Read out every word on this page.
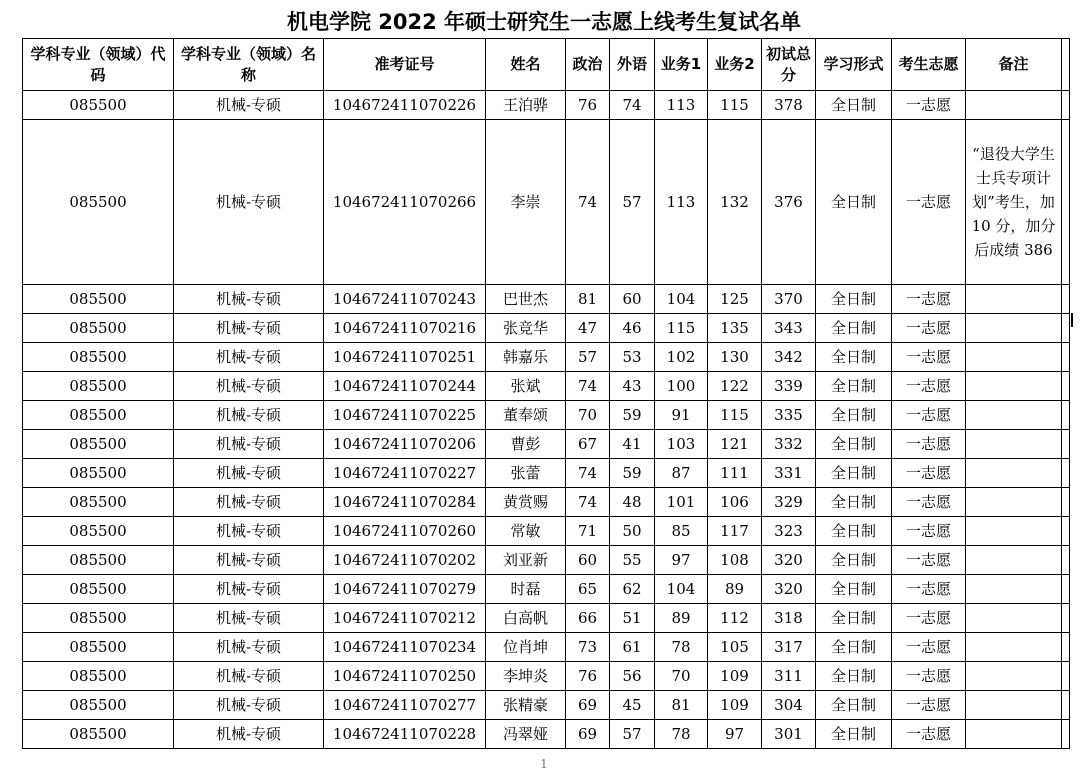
机电学院 2022 年硕士研究生一志愿上线考生复试名单
学科专业（领域）代码	学科专业（领域）名称	准考证号	姓名	政治	外语	业务1	业务2	初试总分	学习形式	考生志愿	备注	
085500	机械-专硕	104672411070226	王泊骅	76	74	113	115	378	全日制	一志愿		
085500	机械-专硕	104672411070266	李崇	74	57	113	132	376	全日制	一志愿	“退役大学生士兵专项计划”考生，加 10 分，加分后成绩 386	
085500	机械-专硕	104672411070243	巴世杰	81	60	104	125	370	全日制	一志愿		
085500	机械-专硕	104672411070216	张竞华	47	46	115	135	343	全日制	一志愿		
085500	机械-专硕	104672411070251	韩嘉乐	57	53	102	130	342	全日制	一志愿		
085500	机械-专硕	104672411070244	张斌	74	43	100	122	339	全日制	一志愿		
085500	机械-专硕	104672411070225	董奉颂	70	59	91	115	335	全日制	一志愿		
085500	机械-专硕	104672411070206	曹彭	67	41	103	121	332	全日制	一志愿		
085500	机械-专硕	104672411070227	张蕾	74	59	87	111	331	全日制	一志愿		
085500	机械-专硕	104672411070284	黄赏赐	74	48	101	106	329	全日制	一志愿		
085500	机械-专硕	104672411070260	常敏	71	50	85	117	323	全日制	一志愿		
085500	机械-专硕	104672411070202	刘亚新	60	55	97	108	320	全日制	一志愿		
085500	机械-专硕	104672411070279	时磊	65	62	104	89	320	全日制	一志愿		
085500	机械-专硕	104672411070212	白高帆	66	51	89	112	318	全日制	一志愿		
085500	机械-专硕	104672411070234	位肖坤	73	61	78	105	317	全日制	一志愿		
085500	机械-专硕	104672411070250	李坤炎	76	56	70	109	311	全日制	一志愿		
085500	机械-专硕	104672411070277	张精豪	69	45	81	109	304	全日制	一志愿		
085500	机械-专硕	104672411070228	冯翠娅	69	57	78	97	301	全日制	一志愿		
1
